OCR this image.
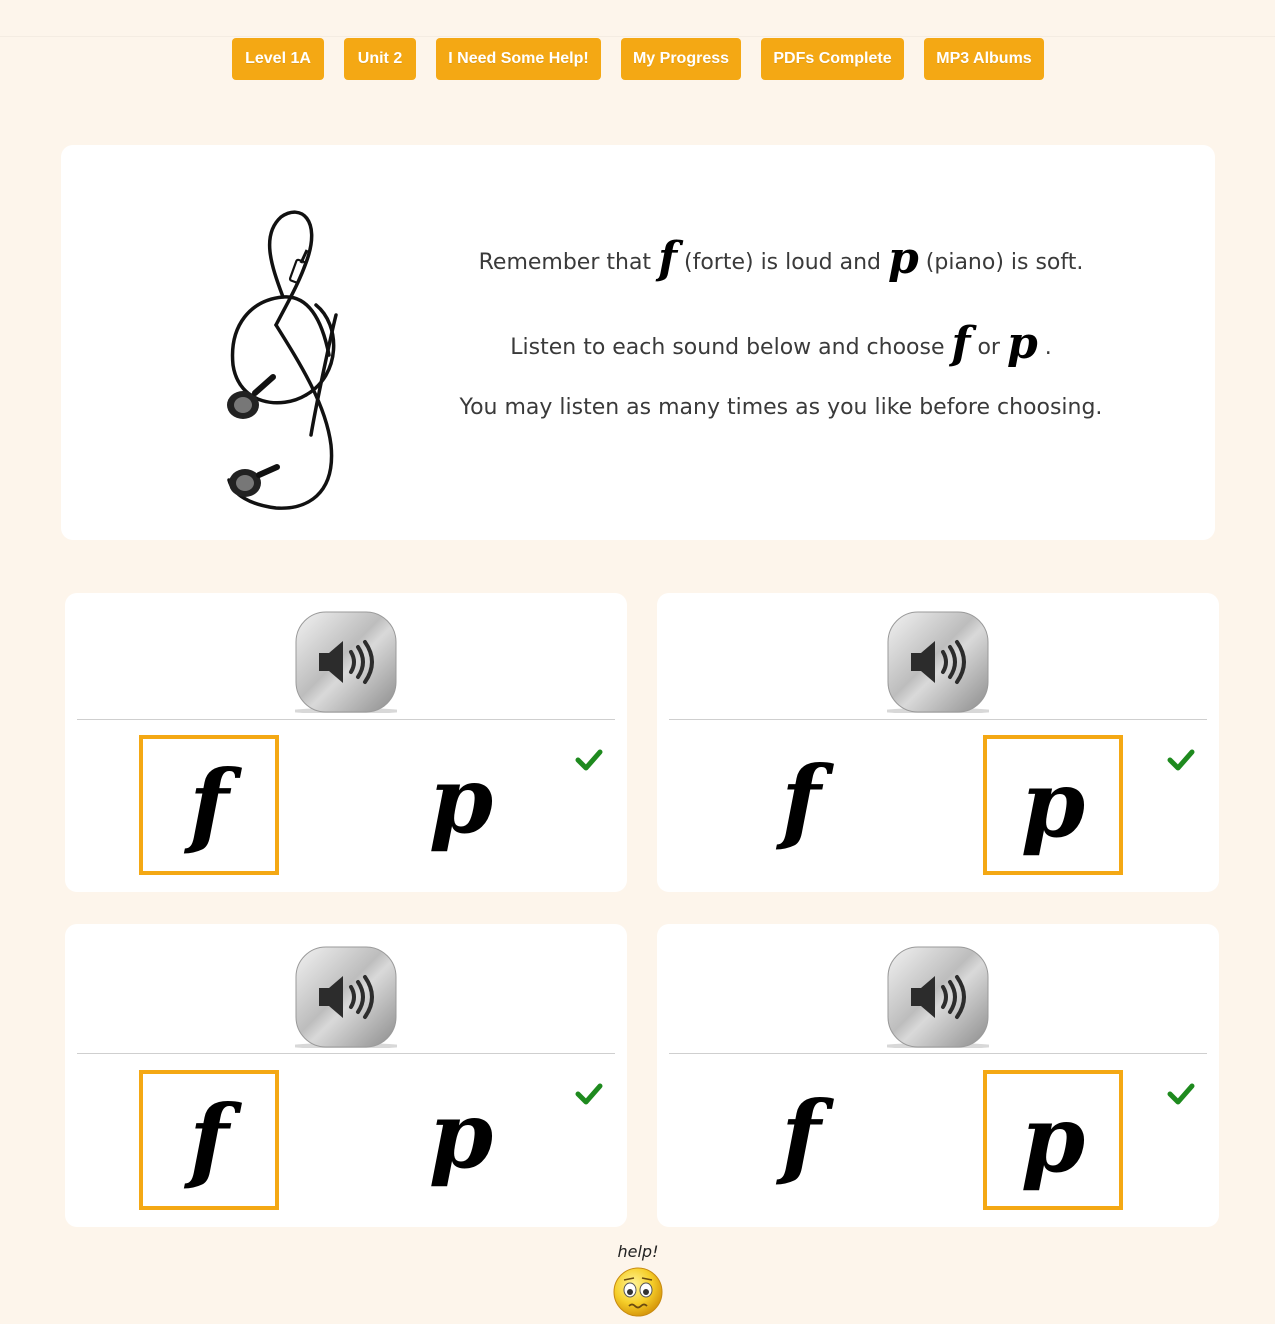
Level 1A	Unit 2	I Need Some Help!	My Progress	PDFs Complete	MP3 Albums
Remember that f (forte) is loud and p (piano) is soft.
Listen to each sound below and choose f or p .
You may listen as many times as you like before choosing.
f	p	f	p
f	p	f	p
help!
